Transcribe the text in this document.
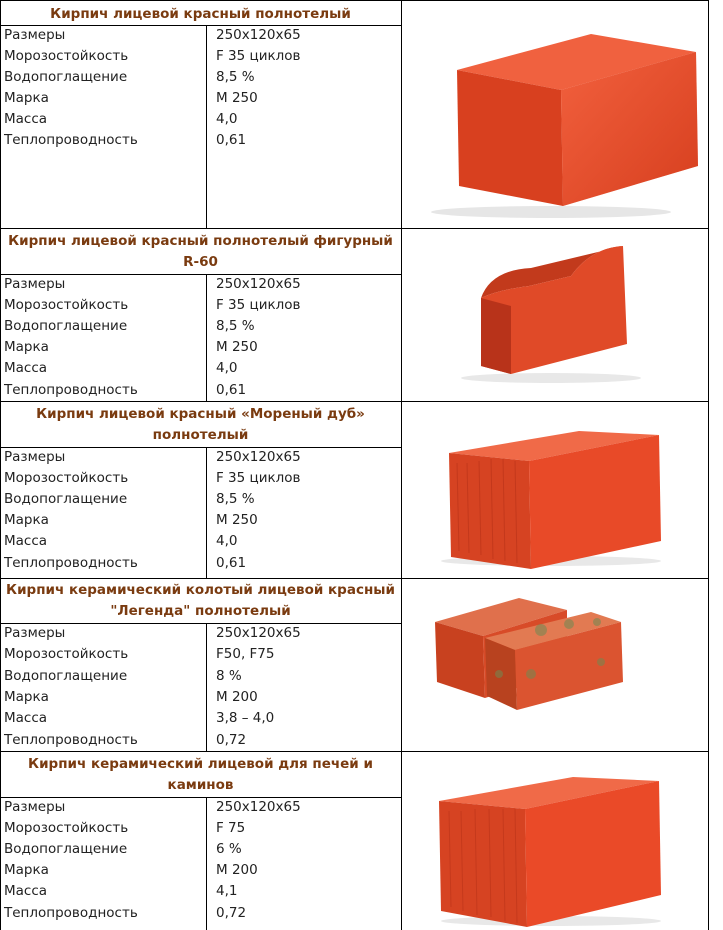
Кирпич лицевой красный полнотелый
Размеры	250х120х65
Морозостойкость	F 35 циклов
Водопоглащение	8,5 %
Марка	М 250
Масса	4,0
Теплопроводность	0,61
Кирпич лицевой красный полнотелый фигурный R-60
Размеры	250х120х65
Морозостойкость	F 35 циклов
Водопоглащение	8,5 %
Марка	М 250
Масса	4,0
Теплопроводность	0,61
Кирпич лицевой красный «Мореный дуб» полнотелый
Размеры	250х120х65
Морозостойкость	F 35 циклов
Водопоглащение	8,5 %
Марка	М 250
Масса	4,0
Теплопроводность	0,61
Кирпич керамический колотый лицевой красный "Легенда" полнотелый
Размеры	250х120х65
Морозостойкость	F50, F75
Водопоглащение	8 %
Марка	М 200
Масса	3,8 – 4,0
Теплопроводность	0,72
Кирпич керамический лицевой для печей и каминов
Размеры	250х120х65
Морозостойкость	F 75
Водопоглащение	6 %
Марка	М 200
Масса	4,1
Теплопроводность	0,72
